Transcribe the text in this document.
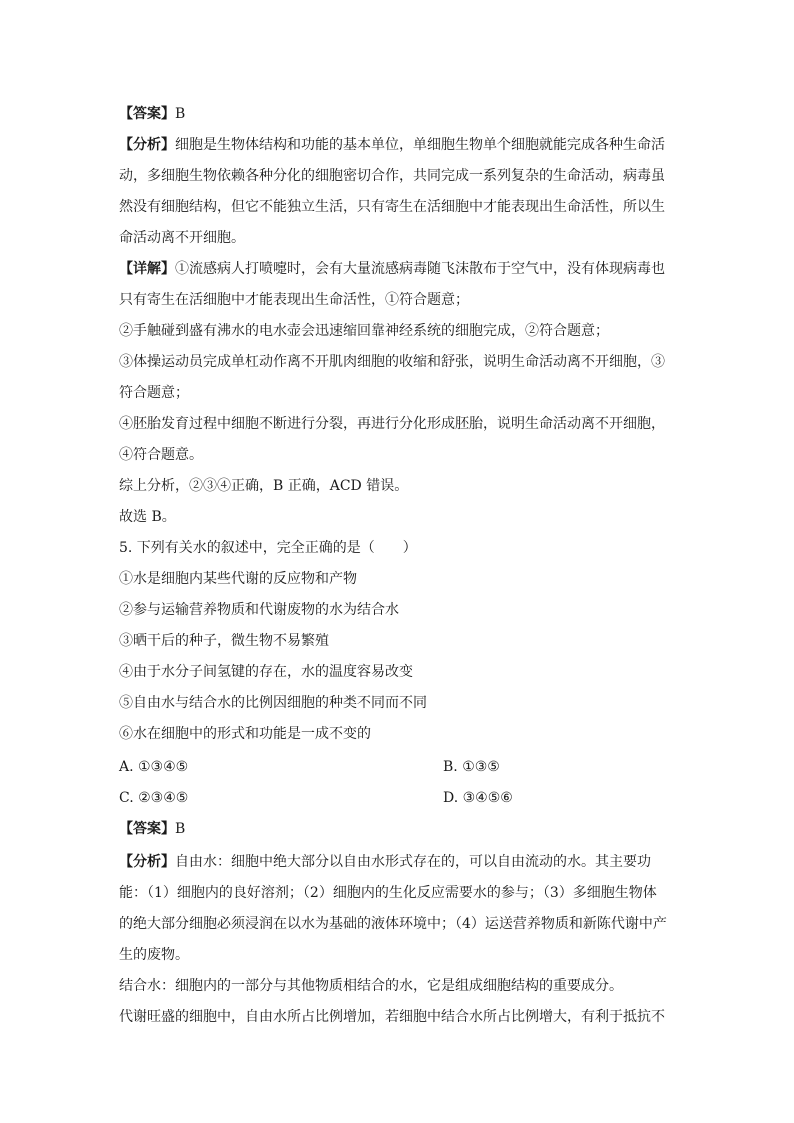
【答案】B
【分析】细胞是生物体结构和功能的基本单位，单细胞生物单个细胞就能完成各种生命活
动，多细胞生物依赖各种分化的细胞密切合作，共同完成一系列复杂的生命活动，病毒虽
然没有细胞结构，但它不能独立生活，只有寄生在活细胞中才能表现出生命活性，所以生
命活动离不开细胞。
【详解】①流感病人打喷嚏时，会有大量流感病毒随飞沫散布于空气中，没有体现病毒也
只有寄生在活细胞中才能表现出生命活性，①符合题意；
②手触碰到盛有沸水的电水壶会迅速缩回靠神经系统的细胞完成，②符合题意；
③体操运动员完成单杠动作离不开肌肉细胞的收缩和舒张，说明生命活动离不开细胞，③
符合题意；
④胚胎发育过程中细胞不断进行分裂，再进行分化形成胚胎，说明生命活动离不开细胞，
④符合题意。
综上分析，②③④正确，B 正确，ACD 错误。
故选 B。
5. 下列有关水的叙述中，完全正确的是（　　）
①水是细胞内某些代谢的反应物和产物
②参与运输营养物质和代谢废物的水为结合水
③晒干后的种子，微生物不易繁殖
④由于水分子间氢键的存在，水的温度容易改变
⑤自由水与结合水的比例因细胞的种类不同而不同
⑥水在细胞中的形式和功能是一成不变的
A. ①③④⑤	B. ①③⑤
C. ②③④⑤	D. ③④⑤⑥
【答案】B
【分析】自由水：细胞中绝大部分以自由水形式存在的，可以自由流动的水。其主要功
能：（1）细胞内的良好溶剂；（2）细胞内的生化反应需要水的参与；（3）多细胞生物体
的绝大部分细胞必须浸润在以水为基础的液体环境中；（4）运送营养物质和新陈代谢中产
生的废物。
结合水：细胞内的一部分与其他物质相结合的水，它是组成细胞结构的重要成分。
代谢旺盛的细胞中，自由水所占比例增加，若细胞中结合水所占比例增大，有利于抵抗不
